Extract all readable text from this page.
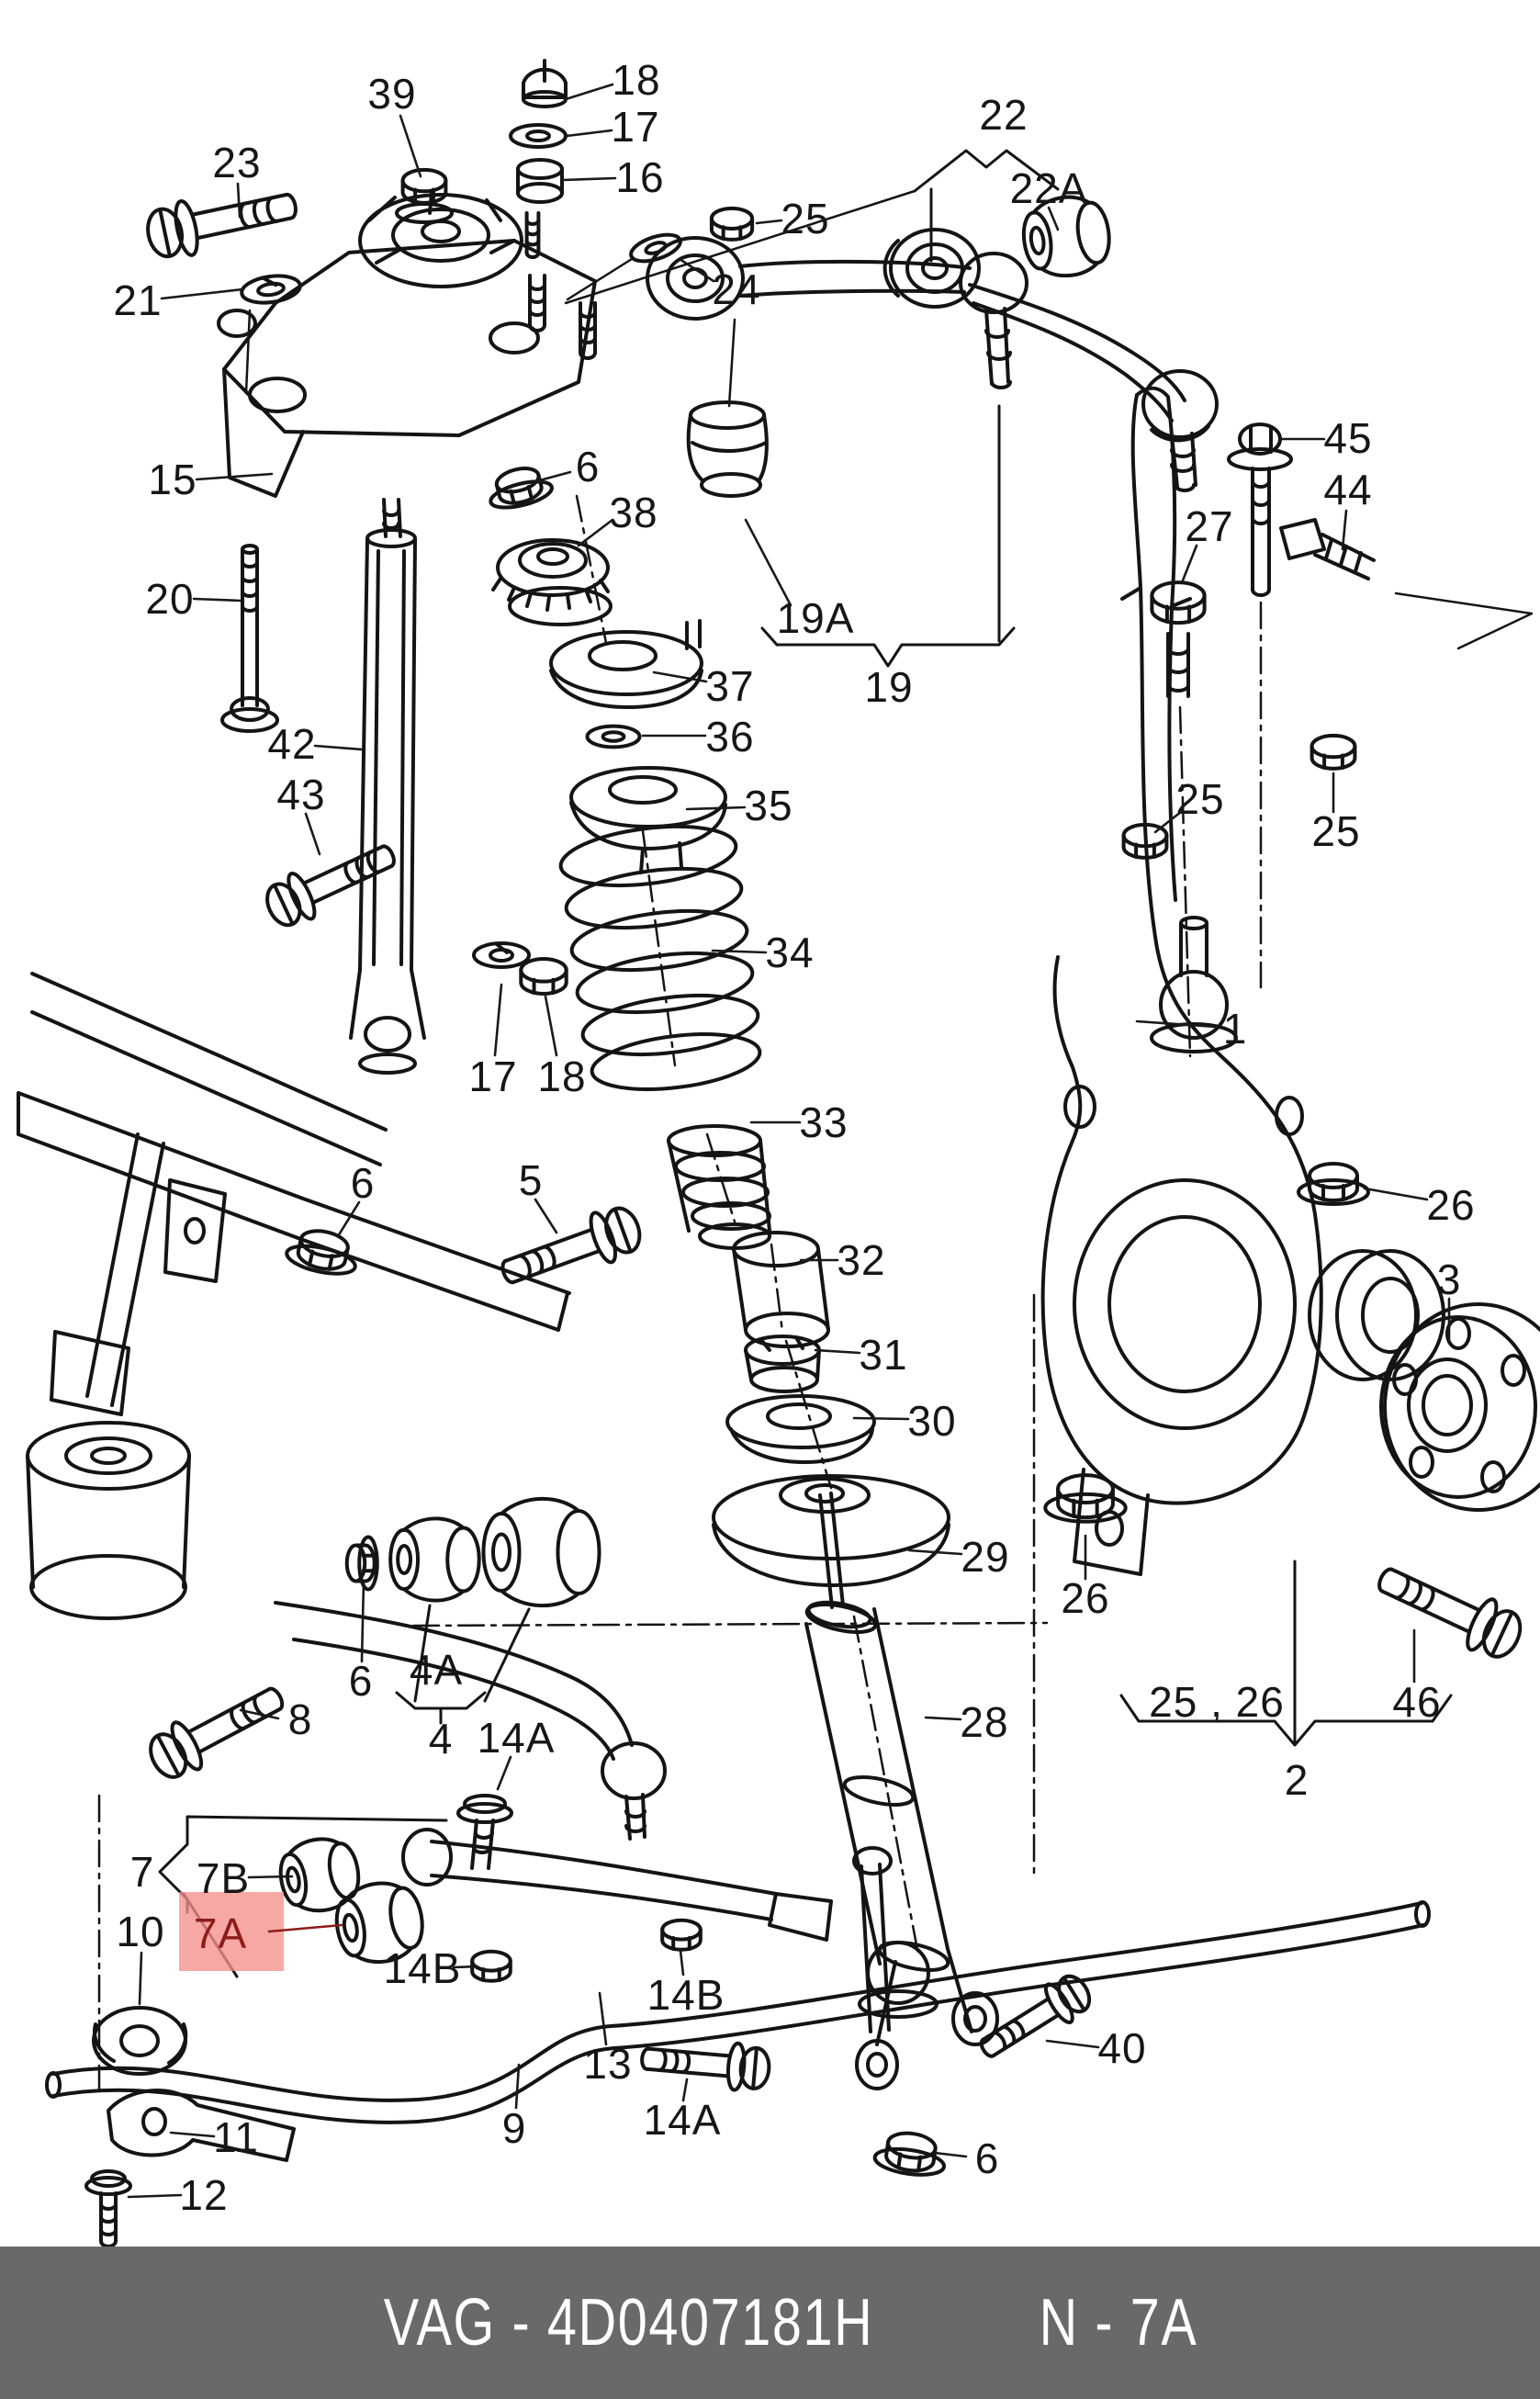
39
23
21
18
17
16
25
24
22
22A
45
44
27
15
20
6
38
19A
19
37
36
35
42
43
34
17 18
33
32
31
30
29
28
1
25
25
26
3
26
25 , 26	46
2
6	5
6
8
4A
4 14A
7 7B
7A
10
14B
14B
13
9	14A
40
6
11
12
VAG - 4D0407181H	N - 7A
